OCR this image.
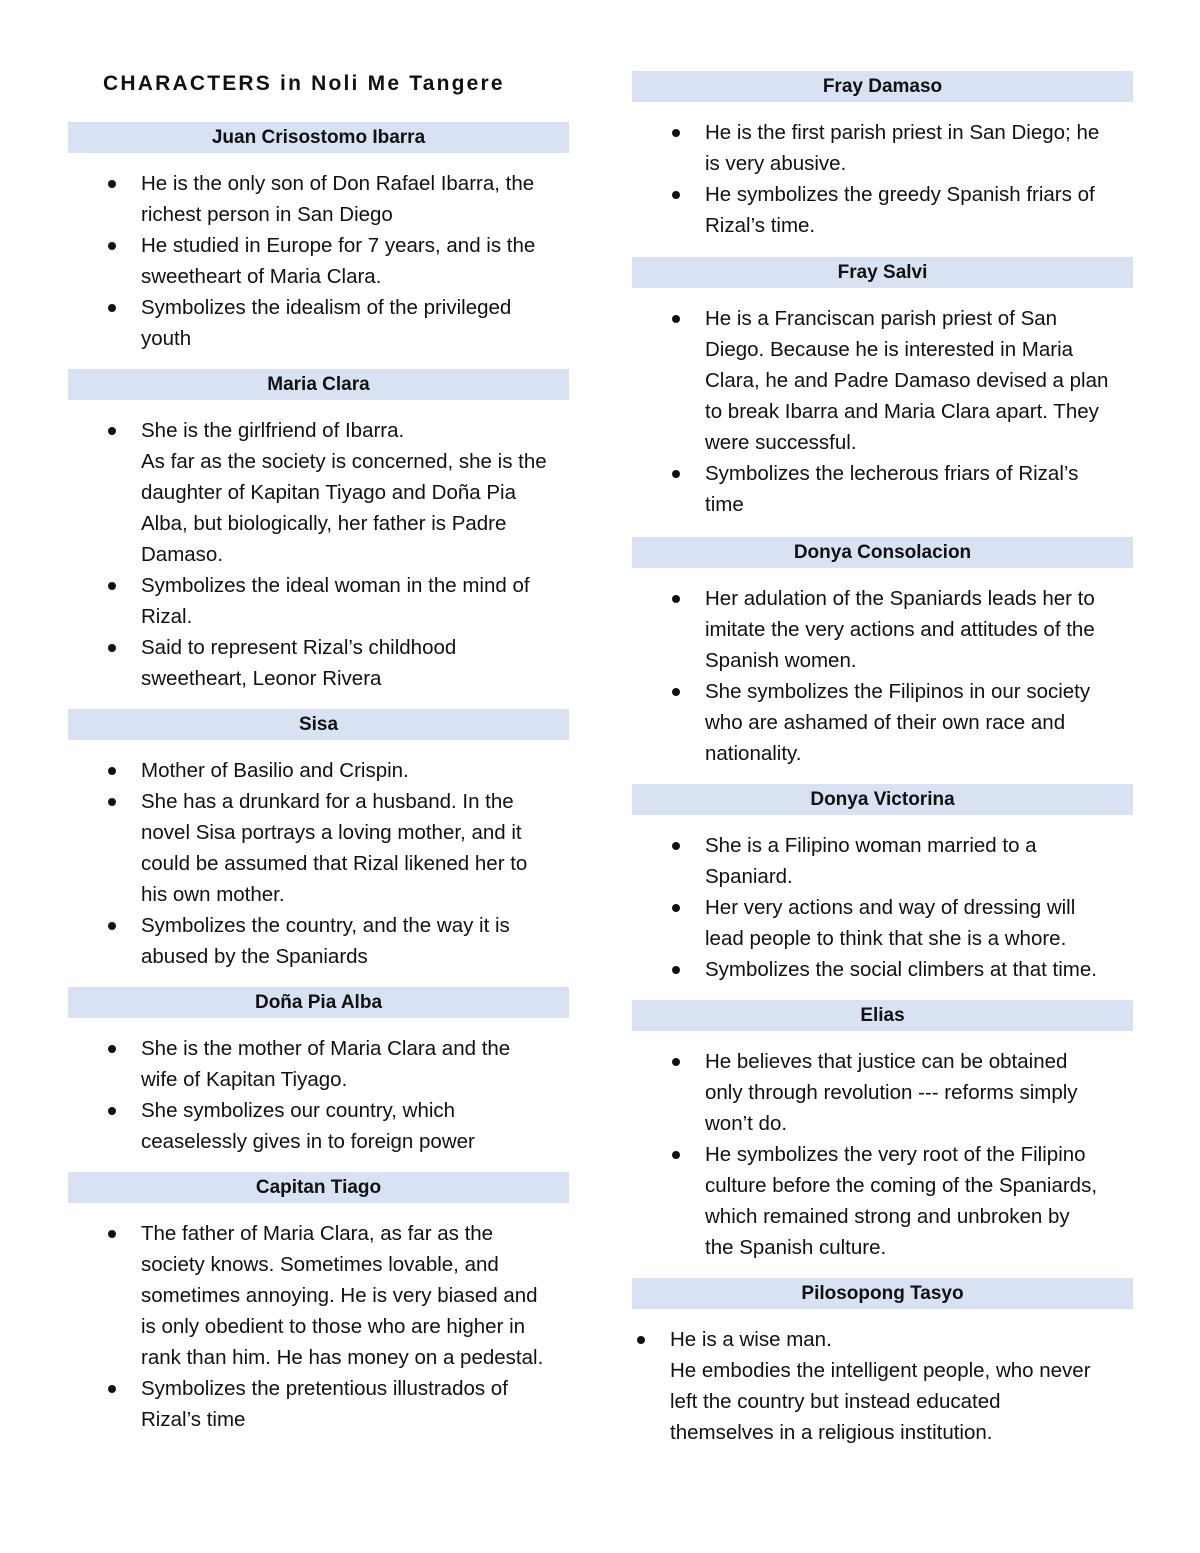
CHARACTERS in Noli Me Tangere
Juan Crisostomo Ibarra
He is the only son of Don Rafael Ibarra, the
richest person in San Diego
He studied in Europe for 7 years, and is the
sweetheart of Maria Clara.
Symbolizes the idealism of the privileged
youth
Maria Clara
She is the girlfriend of Ibarra.
As far as the society is concerned, she is the
daughter of Kapitan Tiyago and Doña Pia
Alba, but biologically, her father is Padre
Damaso.
Symbolizes the ideal woman in the mind of
Rizal.
Said to represent Rizal’s childhood
sweetheart, Leonor Rivera
Sisa
Mother of Basilio and Crispin.
She has a drunkard for a husband. In the
novel Sisa portrays a loving mother, and it
could be assumed that Rizal likened her to
his own mother.
Symbolizes the country, and the way it is
abused by the Spaniards
Doña Pia Alba
She is the mother of Maria Clara and the
wife of Kapitan Tiyago.
She symbolizes our country, which
ceaselessly gives in to foreign power
Capitan Tiago
The father of Maria Clara, as far as the
society knows. Sometimes lovable, and
sometimes annoying. He is very biased and
is only obedient to those who are higher in
rank than him. He has money on a pedestal.
Symbolizes the pretentious illustrados of
Rizal’s time
Fray Damaso
He is the first parish priest in San Diego; he
is very abusive.
He symbolizes the greedy Spanish friars of
Rizal’s time.
Fray Salvi
He is a Franciscan parish priest of San
Diego. Because he is interested in Maria
Clara, he and Padre Damaso devised a plan
to break Ibarra and Maria Clara apart. They
were successful.
Symbolizes the lecherous friars of Rizal’s
time
Donya Consolacion
Her adulation of the Spaniards leads her to
imitate the very actions and attitudes of the
Spanish women.
She symbolizes the Filipinos in our society
who are ashamed of their own race and
nationality.
Donya Victorina
She is a Filipino woman married to a
Spaniard.
Her very actions and way of dressing will
lead people to think that she is a whore.
Symbolizes the social climbers at that time.
Elias
He believes that justice can be obtained
only through revolution --- reforms simply
won’t do.
He symbolizes the very root of the Filipino
culture before the coming of the Spaniards,
which remained strong and unbroken by
the Spanish culture.
Pilosopong Tasyo
He is a wise man.
He embodies the intelligent people, who never
left the country but instead educated
themselves in a religious institution.
